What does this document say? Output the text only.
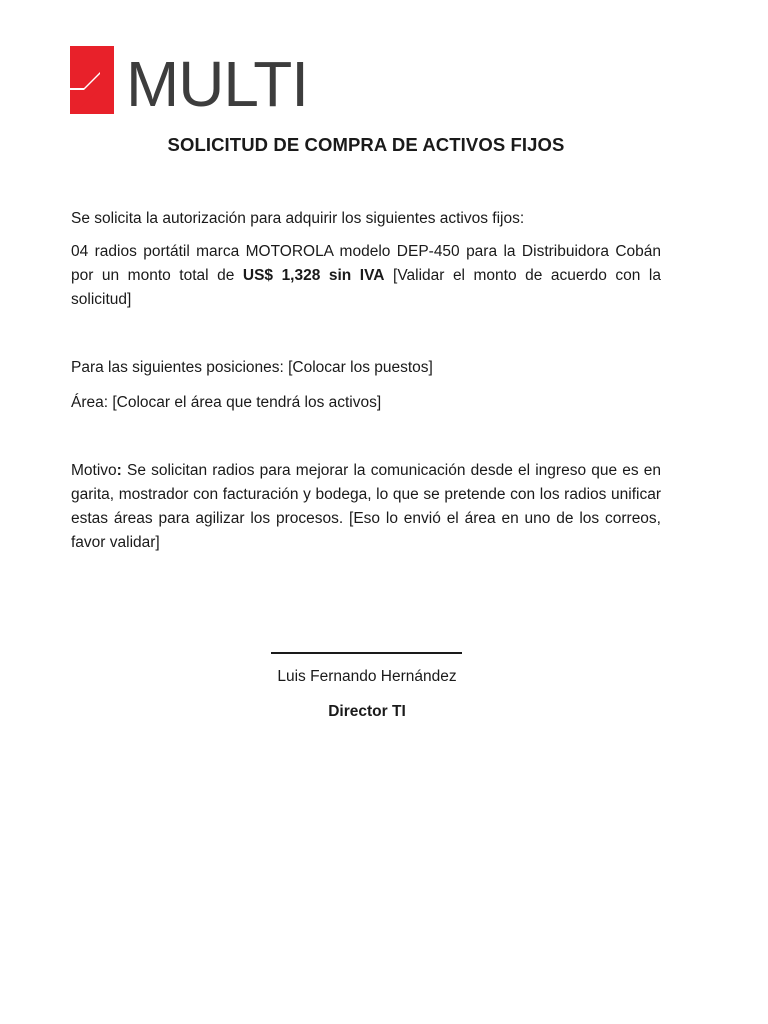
MULTI
SOLICITUD DE COMPRA DE ACTIVOS FIJOS
Se solicita la autorización para adquirir los siguientes activos fijos:
04 radios portátil marca MOTOROLA modelo DEP-450 para la Distribuidora Cobán por un monto total de US$ 1,328 sin IVA [Validar el monto de acuerdo con la solicitud]
Para las siguientes posiciones: [Colocar los puestos]
Área: [Colocar el área que tendrá los activos]
Motivo: Se solicitan radios para mejorar la comunicación desde el ingreso que es en garita, mostrador con facturación y bodega, lo que se pretende con los radios unificar estas áreas para agilizar los procesos. [Eso lo envió el área en uno de los correos, favor validar]
Luis Fernando Hernández
Director TI
